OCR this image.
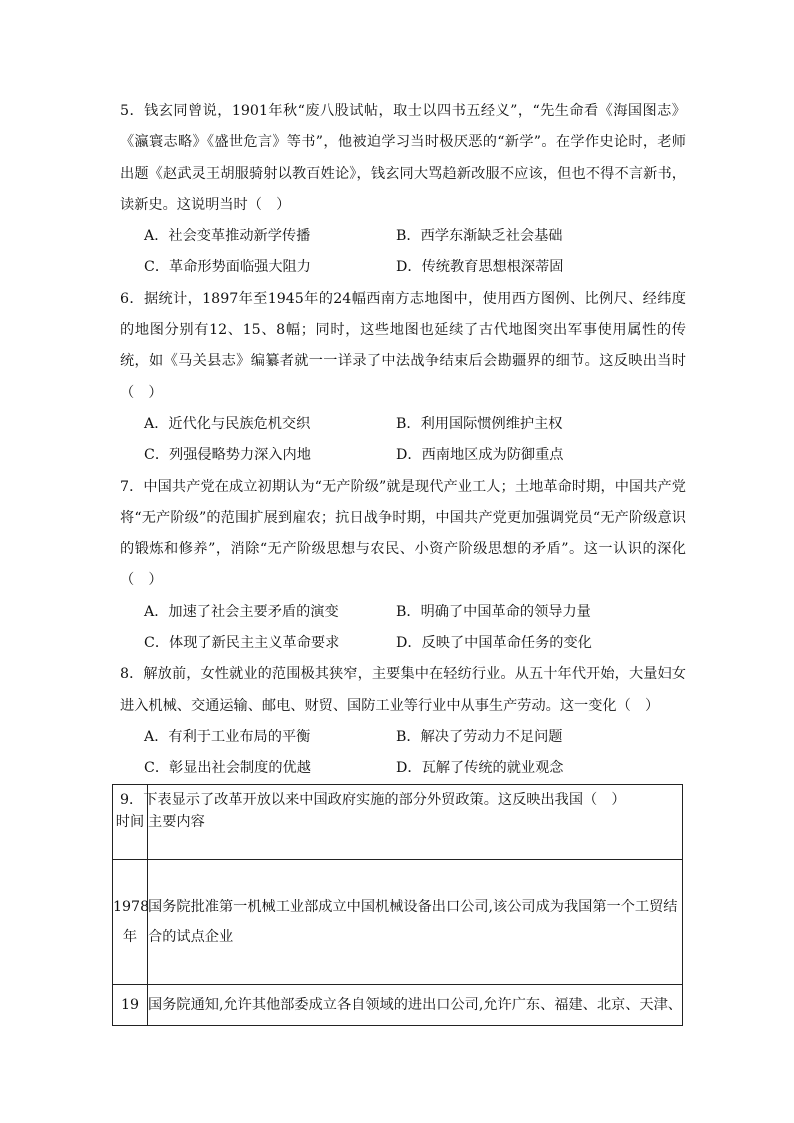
5．钱玄同曾说，1901年秋“废八股试帖，取士以四书五经义”，“先生命看《海国图志》《瀛寰志略》《盛世危言》等书”，他被迫学习当时极厌恶的“新学”。在学作史论时，老师出题《赵武灵王胡服骑射以教百姓论》，钱玄同大骂趋新改服不应该，但也不得不言新书，读新史。这说明当时（　）
A．社会变革推动新学传播	B．西学东渐缺乏社会基础
C．革命形势面临强大阻力	D．传统教育思想根深蒂固
6．据统计，1897年至1945年的24幅西南方志地图中，使用西方图例、比例尺、经纬度的地图分别有12、15、8幅；同时，这些地图也延续了古代地图突出军事使用属性的传统，如《马关县志》编纂者就一一详录了中法战争结束后会勘疆界的细节。这反映出当时（　）
A．近代化与民族危机交织	B．利用国际惯例维护主权
C．列强侵略势力深入内地	D．西南地区成为防御重点
7．中国共产党在成立初期认为“无产阶级”就是现代产业工人；土地革命时期，中国共产党将“无产阶级”的范围扩展到雇农；抗日战争时期，中国共产党更加强调党员“无产阶级意识的锻炼和修养”，消除“无产阶级思想与农民、小资产阶级思想的矛盾”。这一认识的深化（　）
A．加速了社会主要矛盾的演变	B．明确了中国革命的领导力量
C．体现了新民主主义革命要求	D．反映了中国革命任务的变化
8．解放前，女性就业的范围极其狭窄，主要集中在轻纺行业。从五十年代开始，大量妇女进入机械、交通运输、邮电、财贸、国防工业等行业中从事生产劳动。这一变化（　）
A．有利于工业布局的平衡	B．解决了劳动力不足问题
C．彰显出社会制度的优越	D．瓦解了传统的就业观念
9．下表显示了改革开放以来中国政府实施的部分外贸政策。这反映出我国（　）
时间	主要内容
1978年	国务院批准第一机械工业部成立中国机械设备出口公司,该公司成为我国第一个工贸结合的试点企业
19	国务院通知,允许其他部委成立各自领域的进出口公司,允许广东、福建、北京、天津、
